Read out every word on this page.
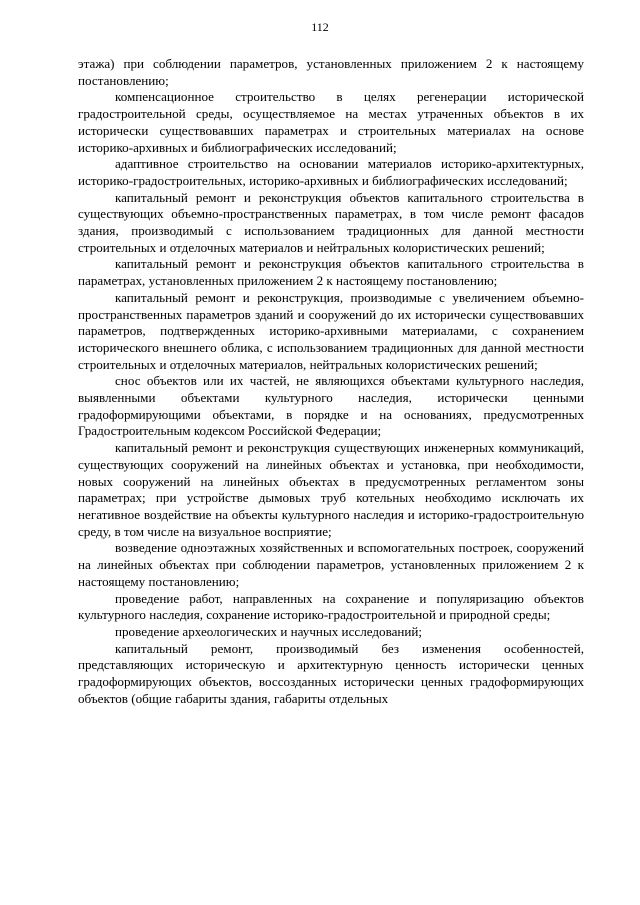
112

этажа) при соблюдении параметров, установленных приложением 2 к настоящему постановлению;

компенсационное строительство в целях регенерации исторической градостроительной среды, осуществляемое на местах утраченных объектов в их исторически существовавших параметрах и строительных материалах на основе историко-архивных и библиографических исследований;

адаптивное строительство на основании материалов историко-архитектурных, историко-градостроительных, историко-архивных и библиографических исследований;

капитальный ремонт и реконструкция объектов капитального строительства в существующих объемно-пространственных параметрах, в том числе ремонт фасадов здания, производимый с использованием традиционных для данной местности строительных и отделочных материалов и нейтральных колористических решений;

капитальный ремонт и реконструкция объектов капитального строительства в параметрах, установленных приложением 2 к настоящему постановлению;

капитальный ремонт и реконструкция, производимые с увеличением объемно-пространственных параметров зданий и сооружений до их исторически существовавших параметров, подтвержденных историко-архивными материалами, с сохранением исторического внешнего облика, с использованием традиционных для данной местности строительных и отделочных материалов, нейтральных колористических решений;

снос объектов или их частей, не являющихся объектами культурного наследия, выявленными объектами культурного наследия, исторически ценными градоформирующими объектами, в порядке и на основаниях, предусмотренных Градостроительным кодексом Российской Федерации;

капитальный ремонт и реконструкция существующих инженерных коммуникаций, существующих сооружений на линейных объектах и установка, при необходимости, новых сооружений на линейных объектах в предусмотренных регламентом зоны параметрах; при устройстве дымовых труб котельных необходимо исключать их негативное воздействие на объекты культурного наследия и историко-градостроительную среду, в том числе на визуальное восприятие;

возведение одноэтажных хозяйственных и вспомогательных построек, сооружений на линейных объектах при соблюдении параметров, установленных приложением 2 к настоящему постановлению;

проведение работ, направленных на сохранение и популяризацию объектов культурного наследия, сохранение историко-градостроительной и природной среды;

проведение археологических и научных исследований;

капитальный ремонт, производимый без изменения особенностей, представляющих историческую и архитектурную ценность исторически ценных градоформирующих объектов, воссозданных исторически ценных градоформирующих объектов (общие габариты здания, габариты отдельных
